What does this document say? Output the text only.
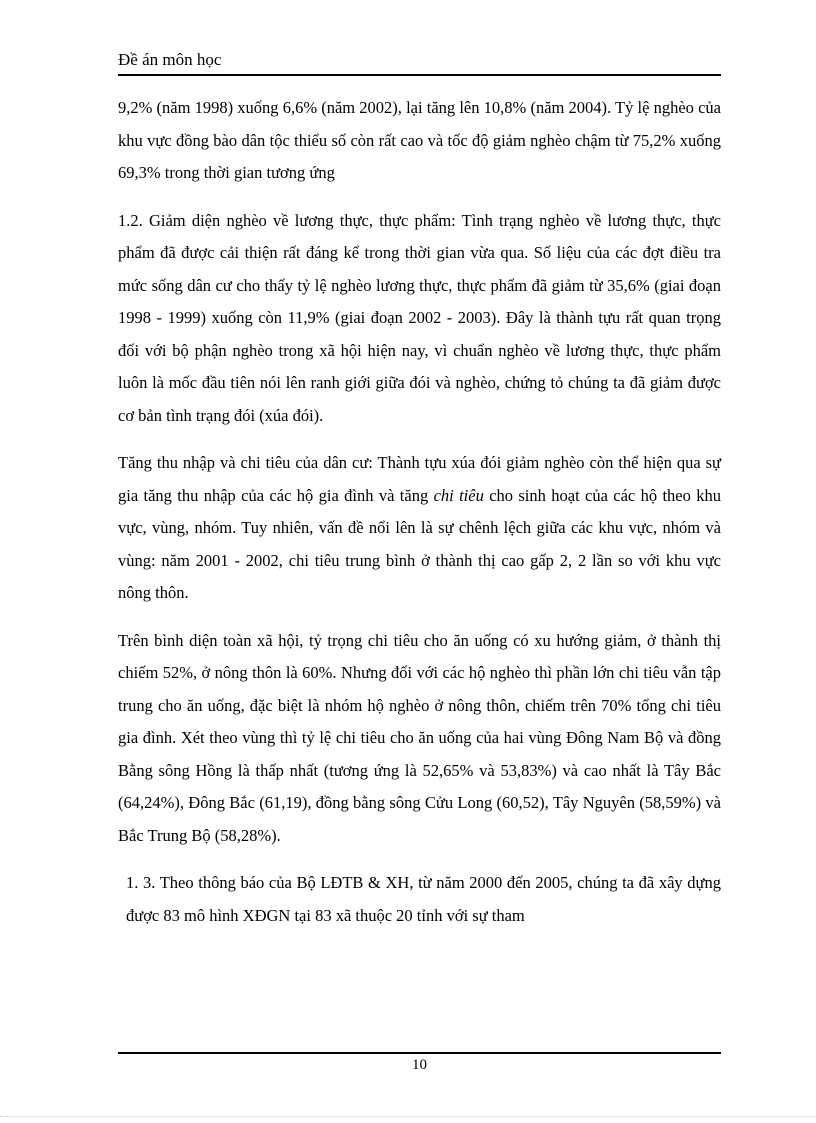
Đề án môn học

9,2% (năm 1998) xuống 6,6% (năm 2002), lại tăng lên 10,8% (năm 2004). Tỷ lệ nghèo của khu vực đồng bào dân tộc thiểu số còn rất cao và tốc độ giảm nghèo chậm từ 75,2% xuống 69,3% trong thời gian tương ứng

1.2. Giảm diện nghèo về lương thực, thực phẩm: Tình trạng nghèo về lương thực, thực phẩm đã được cải thiện rất đáng kể trong thời gian vừa qua. Số liệu của các đợt điều tra mức sống dân cư cho thấy tỷ lệ nghèo lương thực, thực phẩm đã giảm từ 35,6% (giai đoạn 1998 - 1999) xuống còn 11,9% (giai đoạn 2002 - 2003). Đây là thành tựu rất quan trọng đối với bộ phận nghèo trong xã hội hiện nay, vì chuẩn nghèo về lương thực, thực phẩm luôn là mốc đầu tiên nói lên ranh giới giữa đói và nghèo, chứng tỏ chúng ta đã giảm được cơ bản tình trạng đói (xúa đói).

Tăng thu nhập và chi tiêu của dân cư: Thành tựu xúa đói giảm nghèo còn thể hiện qua sự gia tăng thu nhập của các hộ gia đình và tăng chi tiêu cho sinh hoạt của các hộ theo khu vực, vùng, nhóm. Tuy nhiên, vấn đề nổi lên là sự chênh lệch giữa các khu vực, nhóm và vùng: năm 2001 - 2002, chi tiêu trung bình ở thành thị cao gấp 2, 2 lần so với khu vực nông thôn.

Trên bình diện toàn xã hội, tỷ trọng chi tiêu cho ăn uống có xu hướng giảm, ở thành thị chiếm 52%, ở nông thôn là 60%. Nhưng đối với các hộ nghèo thì phần lớn chi tiêu vẫn tập trung cho ăn uống, đặc biệt là nhóm hộ nghèo ở nông thôn, chiếm trên 70% tổng chi tiêu gia đình. Xét theo vùng thì tỷ lệ chi tiêu cho ăn uống của hai vùng Đông Nam Bộ và đồng Bằng sông Hồng là thấp nhất (tương ứng là 52,65% và 53,83%) và cao nhất là Tây Bắc (64,24%), Đông Bắc (61,19), đồng bằng sông Cửu Long (60,52), Tây Nguyên (58,59%) và Bắc Trung Bộ (58,28%).

1. 3. Theo thông báo của Bộ LĐTB & XH, từ năm 2000 đến 2005, chúng ta đã xây dựng được 83 mô hình XĐGN tại 83 xã thuộc 20 tỉnh với sự tham

10
